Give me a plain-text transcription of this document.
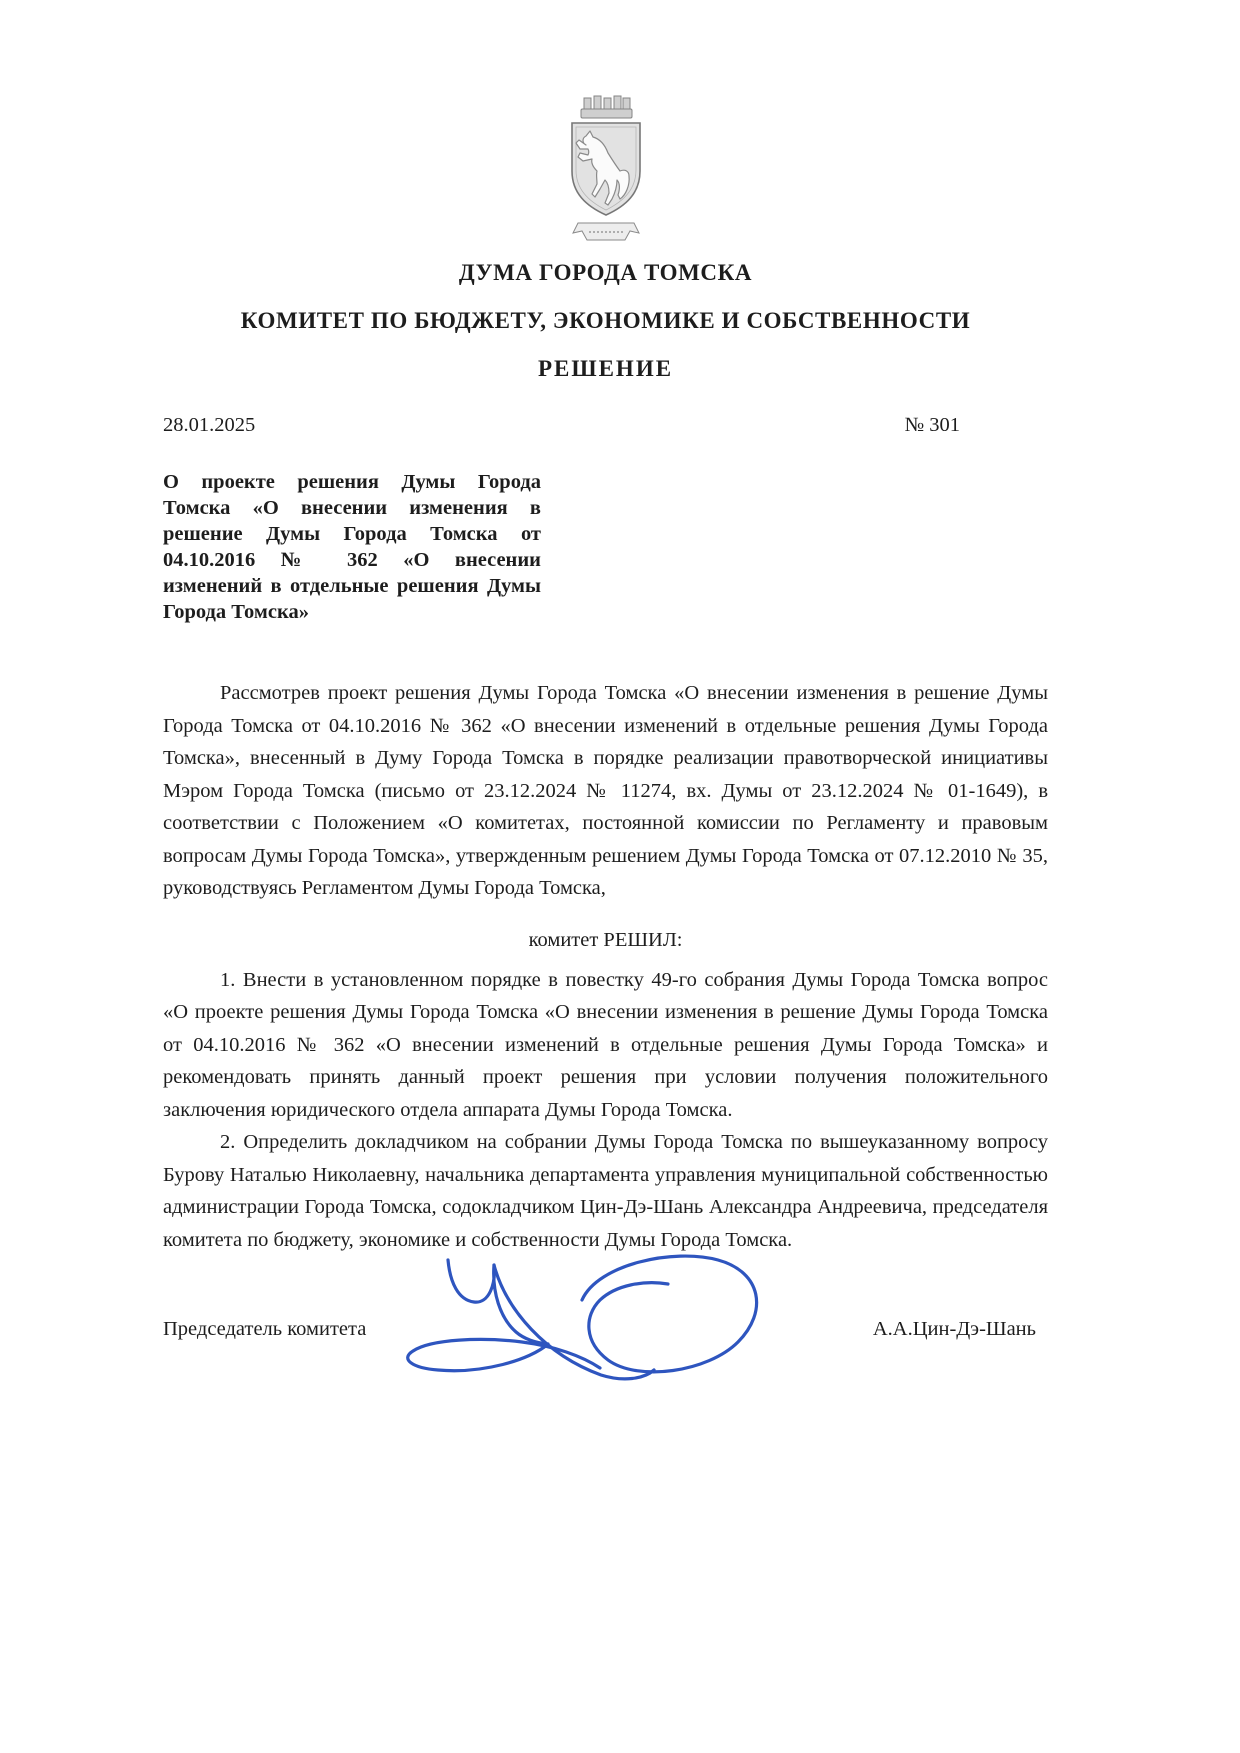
ДУМА ГОРОДА ТОМСКА
КОМИТЕТ ПО БЮДЖЕТУ, ЭКОНОМИКЕ И СОБСТВЕННОСТИ
РЕШЕНИЕ
28.01.2025	№ 301
О проекте решения Думы Города Томска «О внесении изменения в решение Думы Города Томска от 04.10.2016 № 362 «О внесении изменений в отдельные решения Думы Города Томска»

Рассмотрев проект решения Думы Города Томска «О внесении изменения в решение Думы Города Томска от 04.10.2016 № 362 «О внесении изменений в отдельные решения Думы Города Томска», внесенный в Думу Города Томска в порядке реализации правотворческой инициативы Мэром Города Томска (письмо от 23.12.2024 № 11274, вх. Думы от 23.12.2024 № 01-1649), в соответствии с Положением «О комитетах, постоянной комиссии по Регламенту и правовым вопросам Думы Города Томска», утвержденным решением Думы Города Томска от 07.12.2010 № 35, руководствуясь Регламентом Думы Города Томска,

комитет РЕШИЛ:

1. Внести в установленном порядке в повестку 49-го собрания Думы Города Томска вопрос «О проекте решения Думы Города Томска «О внесении изменения в решение Думы Города Томска от 04.10.2016 № 362 «О внесении изменений в отдельные решения Думы Города Томска» и рекомендовать принять данный проект решения при условии получения положительного заключения юридического отдела аппарата Думы Города Томска.

2. Определить докладчиком на собрании Думы Города Томска по вышеуказанному вопросу Бурову Наталью Николаевну, начальника департамента управления муниципальной собственностью администрации Города Томска, содокладчиком Цин-Дэ-Шань Александра Андреевича, председателя комитета по бюджету, экономике и собственности Думы Города Томска.

Председатель комитета	А.А.Цин-Дэ-Шань
